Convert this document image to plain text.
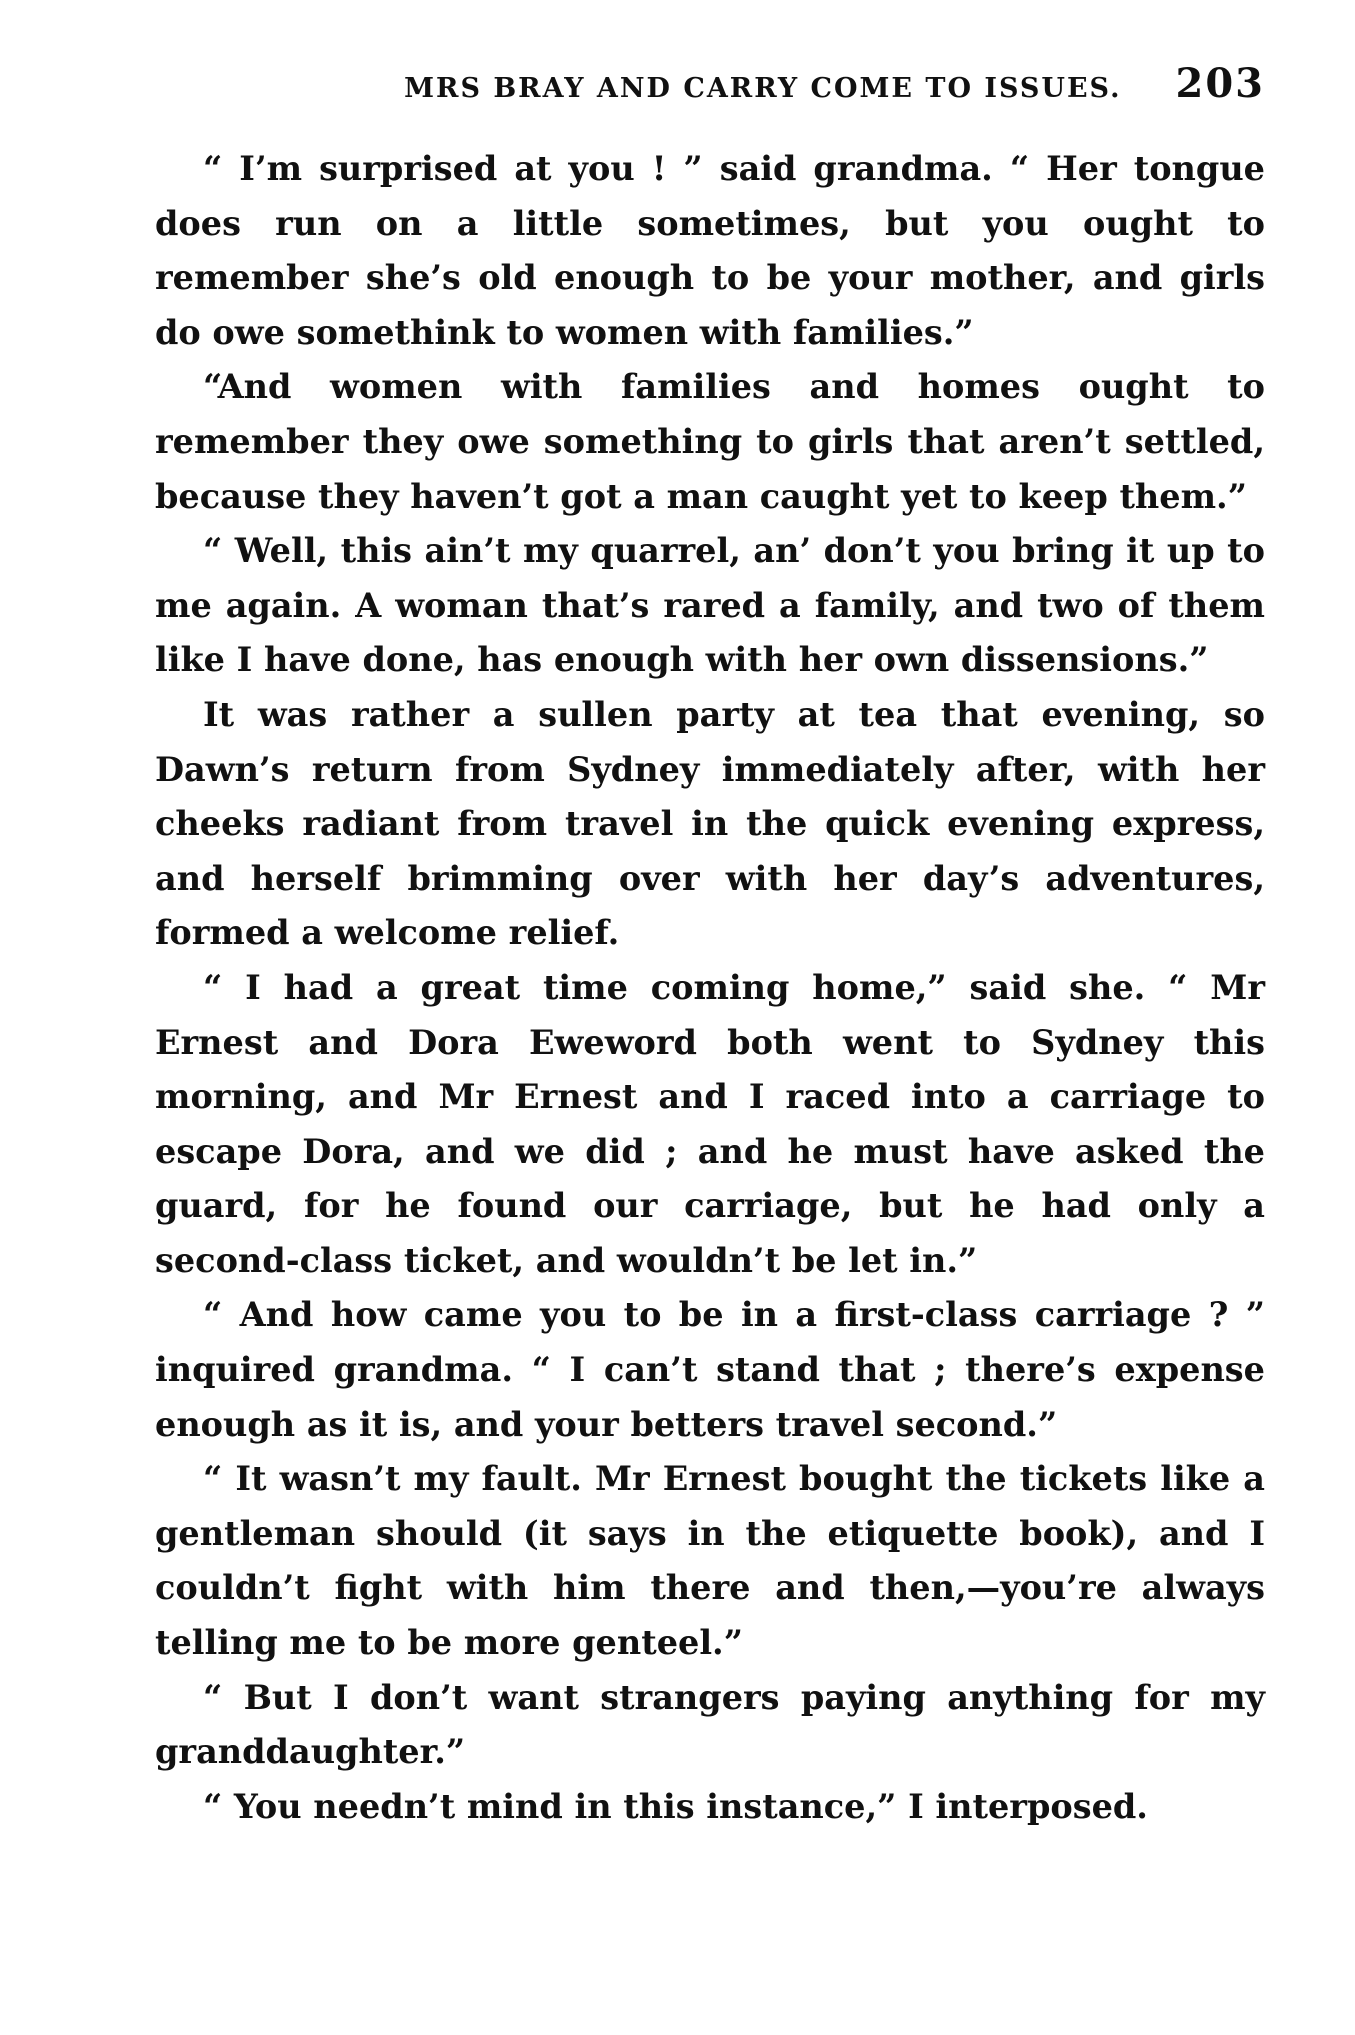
MRS BRAY AND CARRY COME TO ISSUES. 203

“ I’m surprised at you ! ” said grandma. “ Her tongue does run on a little sometimes, but you ought to remember she’s old enough to be your mother, and girls do owe somethink to women with families.”

“And women with families and homes ought to remember they owe something to girls that aren’t settled, because they haven’t got a man caught yet to keep them.”

“ Well, this ain’t my quarrel, an’ don’t you bring it up to me again. A woman that’s rared a family, and two of them like I have done, has enough with her own dissensions.”

It was rather a sullen party at tea that evening, so Dawn’s return from Sydney immediately after, with her cheeks radiant from travel in the quick evening express, and herself brimming over with her day’s adventures, formed a welcome relief.

“ I had a great time coming home,” said she. “ Mr Ernest and Dora Eweword both went to Sydney this morning, and Mr Ernest and I raced into a carriage to escape Dora, and we did ; and he must have asked the guard, for he found our carriage, but he had only a second-class ticket, and wouldn’t be let in.”

“ And how came you to be in a first-class carriage ? ” inquired grandma. “ I can’t stand that ; there’s expense enough as it is, and your betters travel second.”

“ It wasn’t my fault. Mr Ernest bought the tickets like a gentleman should (it says in the etiquette book), and I couldn’t fight with him there and then,—you’re always telling me to be more genteel.”

“ But I don’t want strangers paying anything for my granddaughter.”

“ You needn’t mind in this instance,” I interposed.
